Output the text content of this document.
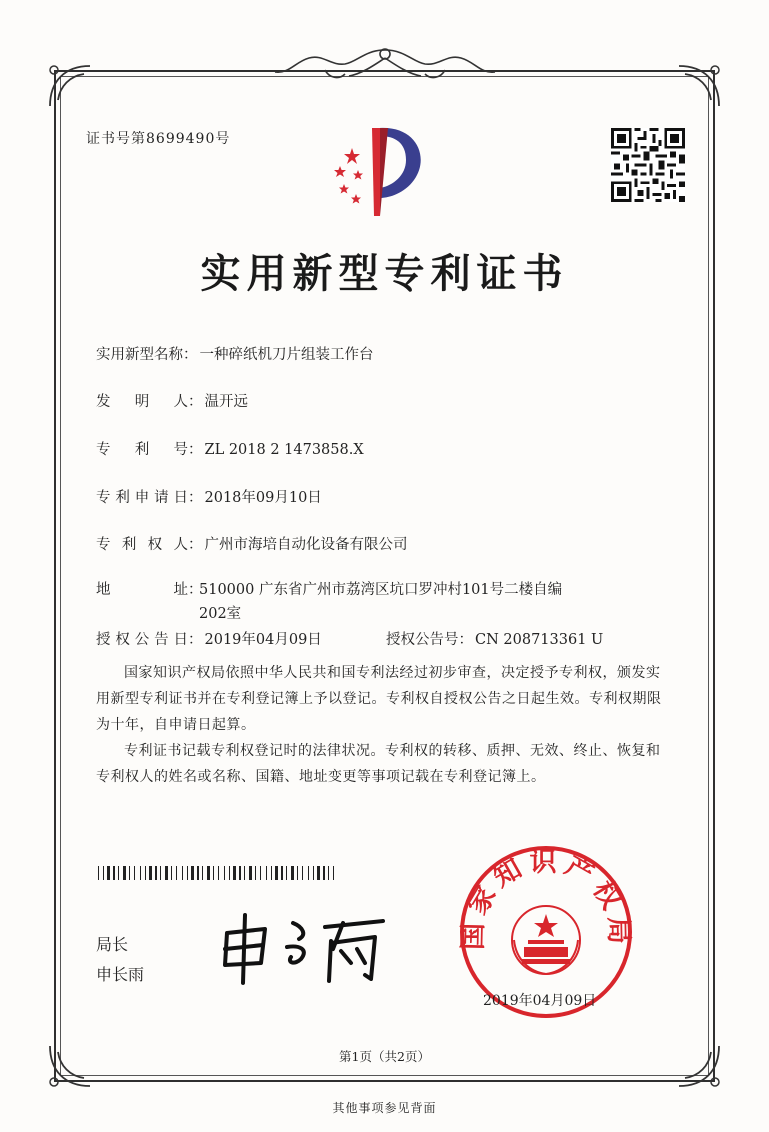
证书号第8699490号
实用新型专利证书
实用新型名称： 一种碎纸机刀片组装工作台
发明人： 温开远
专利号： ZL 2018 2 1473858.X
专利申请日： 2018年09月10日
专利权人： 广州市海培自动化设备有限公司
地址：
510000 广东省广州市荔湾区坑口罗冲村101号二楼自编202室
授权公告日： 2019年04月09日	授权公告号： CN 208713361 U
国家知识产权局依照中华人民共和国专利法经过初步审查，决定授予专利权，颁发实用新型专利证书并在专利登记簿上予以登记。专利权自授权公告之日起生效。专利权期限为十年，自申请日起算。
专利证书记载专利权登记时的法律状况。专利权的转移、质押、无效、终止、恢复和专利权人的姓名或名称、国籍、地址变更等事项记载在专利登记簿上。
局长
申长雨
国家知识产权局
2019年04月09日
第1页（共2页）
其他事项参见背面
